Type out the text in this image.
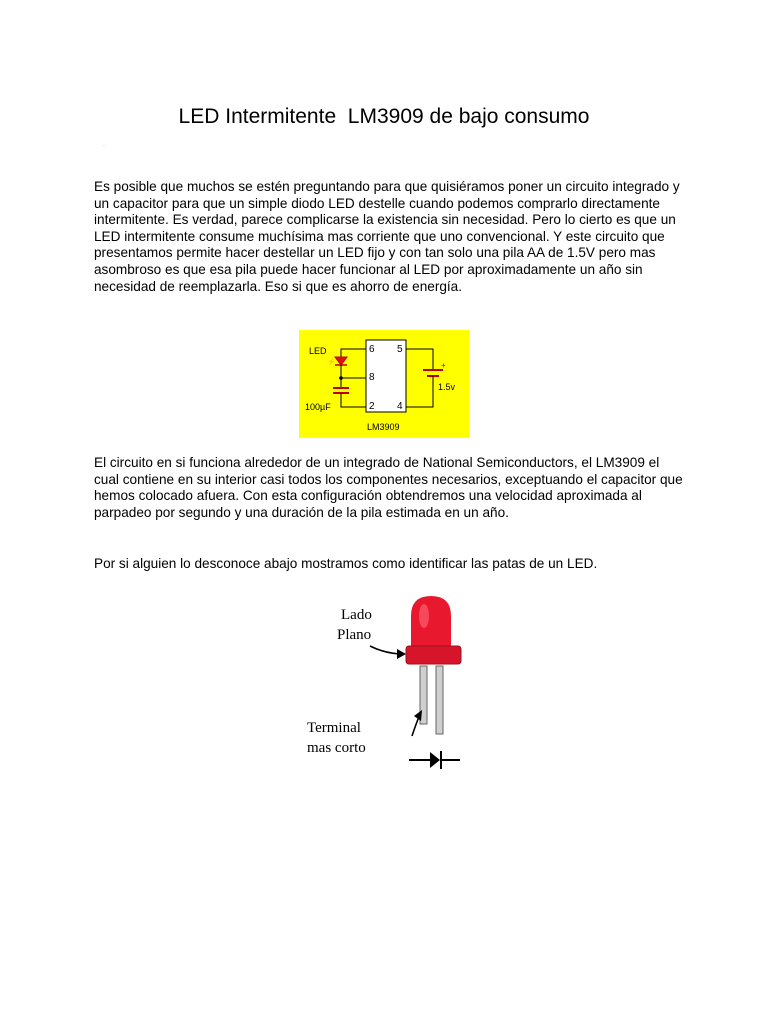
LED Intermitente  LM3909 de bajo consumo
·

Es posible que muchos se estén preguntando para que quisiéramos poner un circuito integrado y un capacitor para que un simple diodo LED destelle cuando podemos comprarlo directamente intermitente. Es verdad, parece complicarse la existencia sin necesidad. Pero lo cierto es que un LED intermitente consume muchísima mas corriente que uno convencional. Y este circuito que presentamos permite hacer destellar un LED fijo y con tan solo una pila AA de 1.5V pero mas asombroso es que esa pila puede hacer funcionar al LED por aproximadamente un año sin necesidad de reemplazarla. Eso si que es ahorro de energía.

6 5
8
2 4
LM3909
LED
⚡
100µF
+
1.5v

El circuito en si funciona alrededor de un integrado de National Semiconductors, el LM3909 el cual contiene en su interior casi todos los componentes necesarios, exceptuando el capacitor que hemos colocado afuera. Con esta configuración obtendremos una velocidad aproximada al parpadeo por segundo y una duración de la pila estimada en un año.

Por si alguien lo desconoce abajo mostramos como identificar las patas de un LED.

Lado
Plano
Terminal
mas corto
